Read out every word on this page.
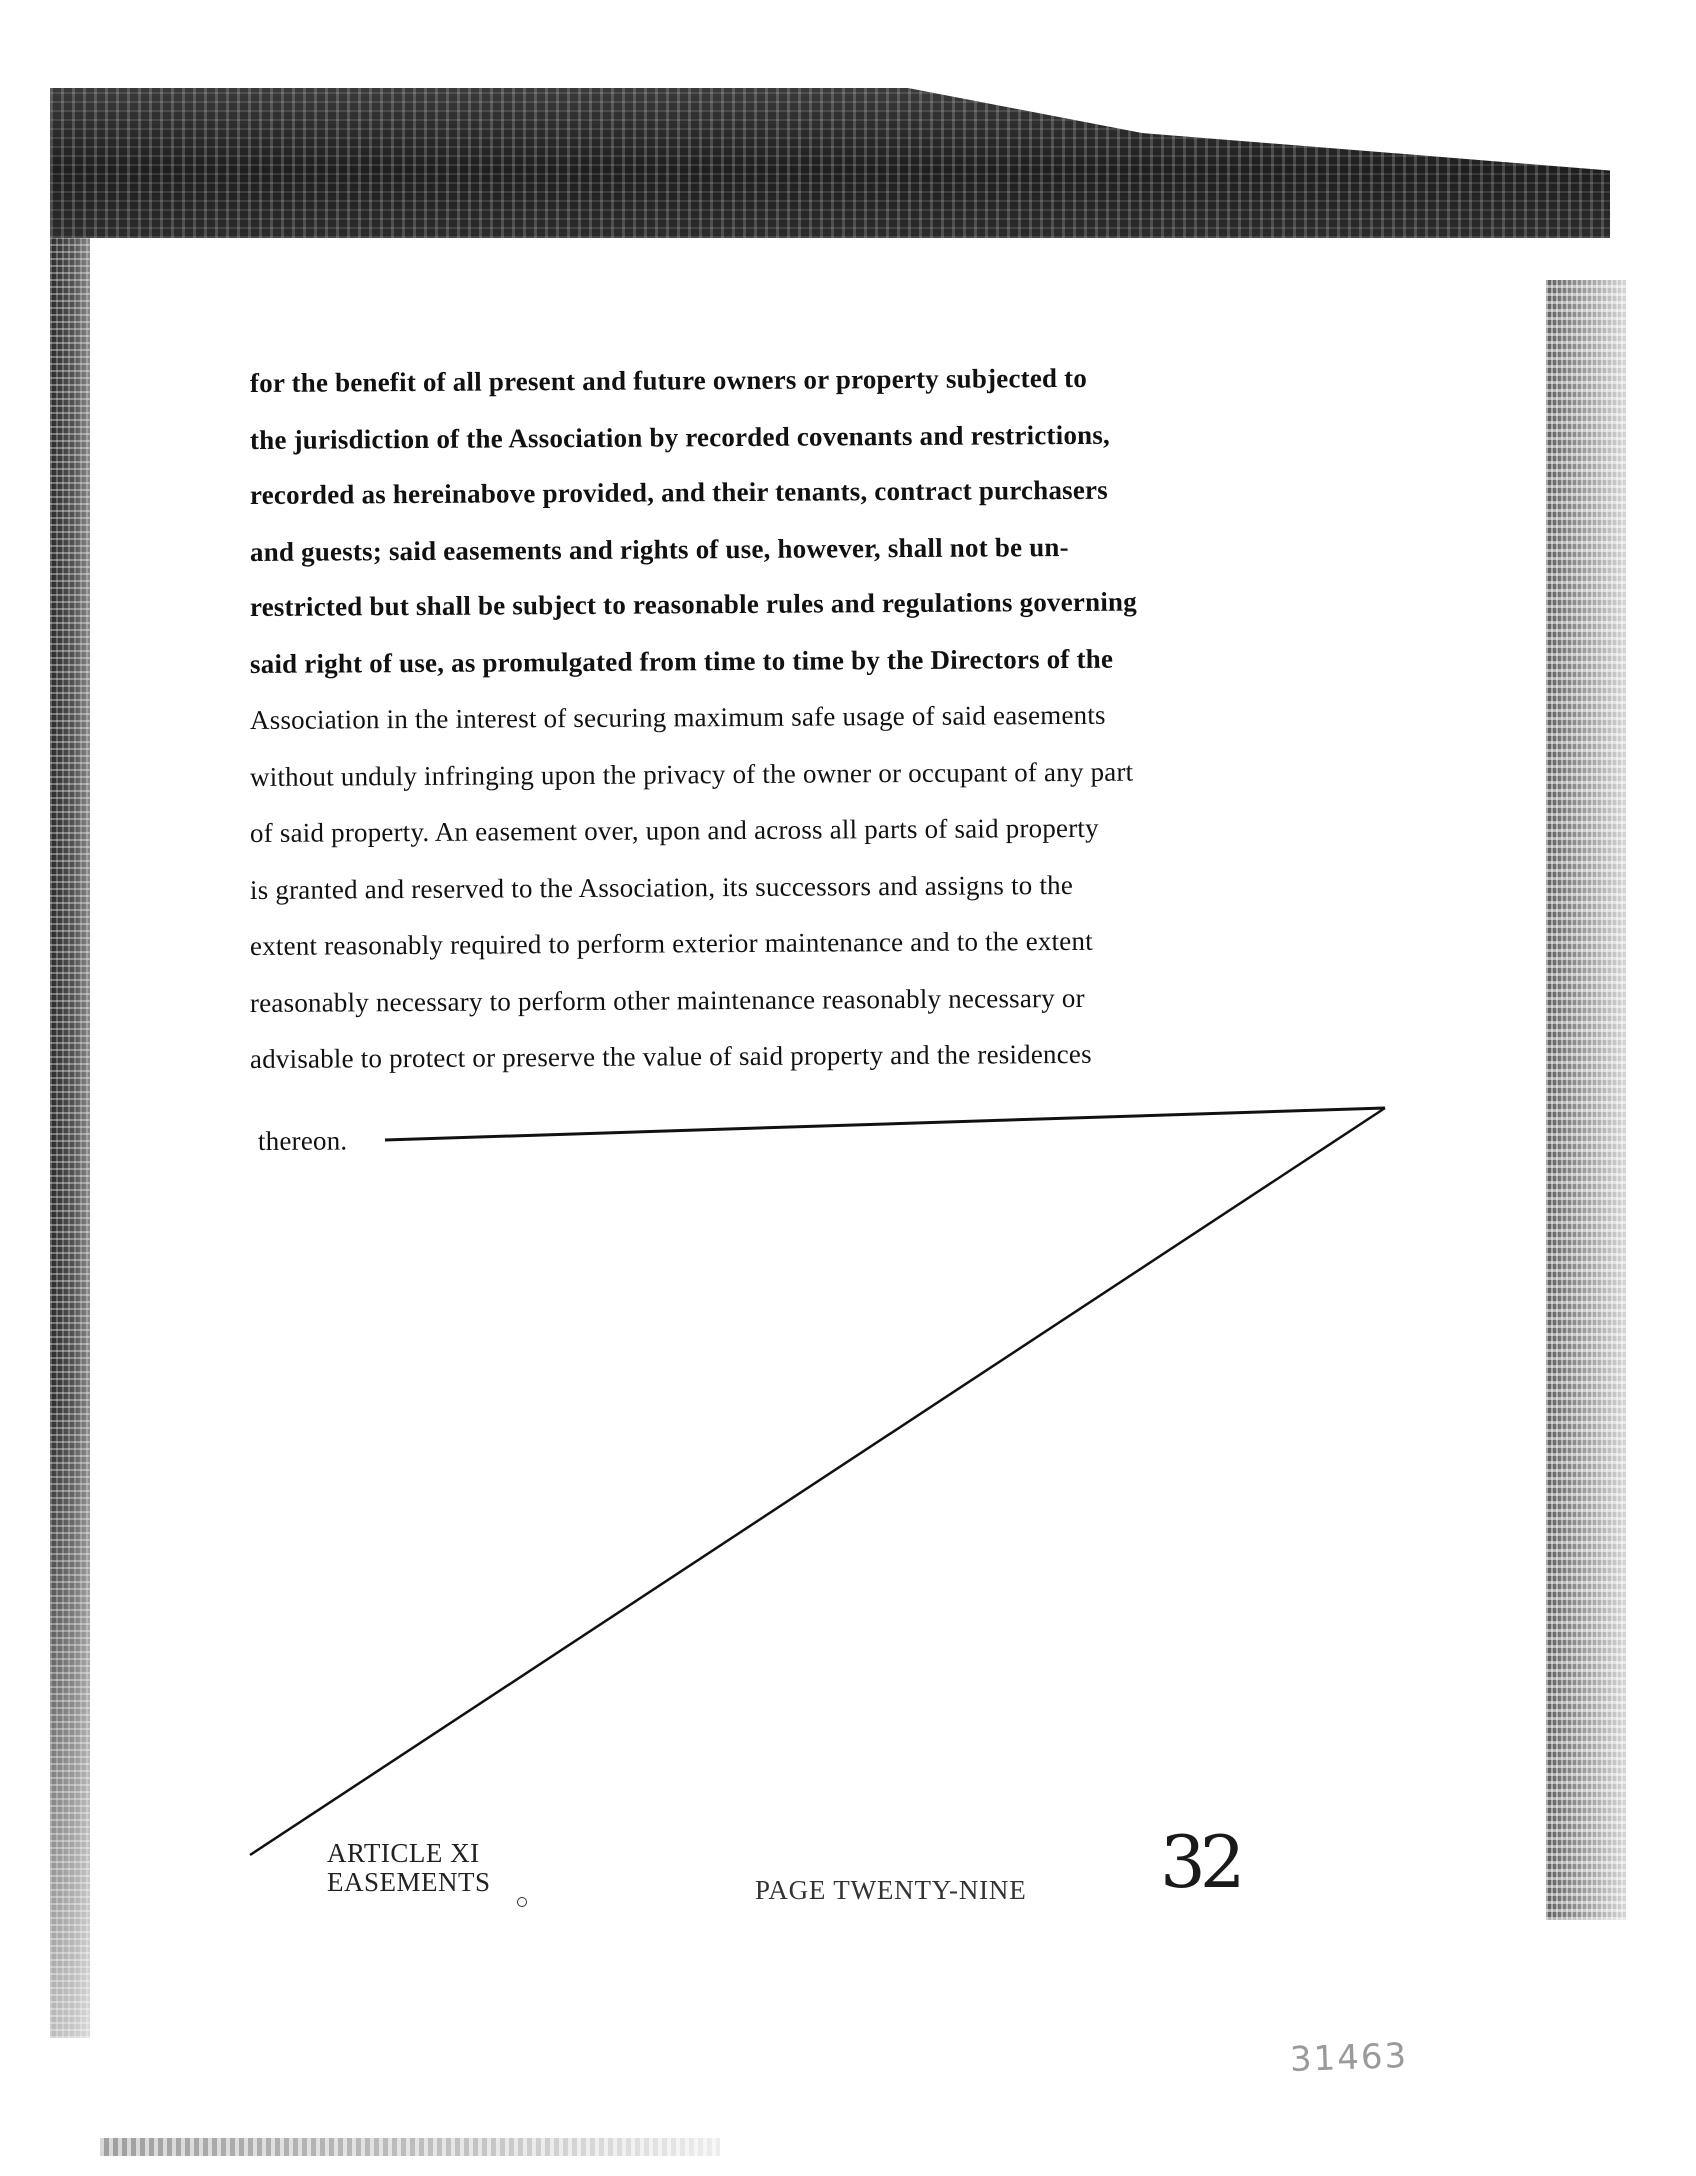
for the benefit of all present and future owners or property subjected to
the jurisdiction of the Association by recorded covenants and restrictions,
recorded as hereinabove provided, and their tenants, contract purchasers
and guests; said easements and rights of use, however, shall not be un-
restricted but shall be subject to reasonable rules and regulations governing
said right of use, as promulgated from time to time by the Directors of the
Association in the interest of securing maximum safe usage of said easements
without unduly infringing upon the privacy of the owner or occupant of any part
of said property. An easement over, upon and across all parts of said property
is granted and reserved to the Association, its successors and assigns to the
extent reasonably required to perform exterior maintenance and to the extent
reasonably necessary to perform other maintenance reasonably necessary or
advisable to protect or preserve the value of said property and the residences
thereon.
ARTICLE XI
EASEMENTS	PAGE TWENTY-NINE 32
31463
